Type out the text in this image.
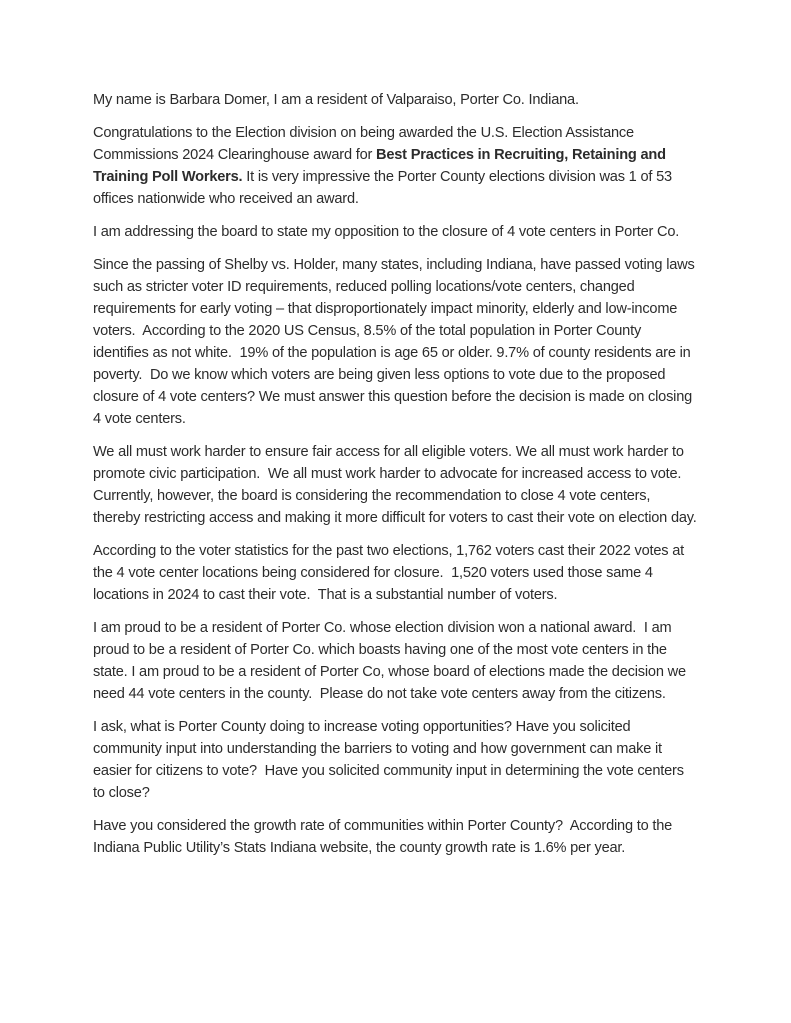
My name is Barbara Domer, I am a resident of Valparaiso, Porter Co. Indiana.

Congratulations to the Election division on being awarded the U.S. Election Assistance Commissions 2024 Clearinghouse award for Best Practices in Recruiting, Retaining and Training Poll Workers. It is very impressive the Porter County elections division was 1 of 53 offices nationwide who received an award.

I am addressing the board to state my opposition to the closure of 4 vote centers in Porter Co.

Since the passing of Shelby vs. Holder, many states, including Indiana, have passed voting laws such as stricter voter ID requirements, reduced polling locations/vote centers, changed requirements for early voting – that disproportionately impact minority, elderly and low-income voters.  According to the 2020 US Census, 8.5% of the total population in Porter County identifies as not white.  19% of the population is age 65 or older. 9.7% of county residents are in poverty.  Do we know which voters are being given less options to vote due to the proposed closure of 4 vote centers? We must answer this question before the decision is made on closing 4 vote centers.

We all must work harder to ensure fair access for all eligible voters. We all must work harder to promote civic participation.  We all must work harder to advocate for increased access to vote.  Currently, however, the board is considering the recommendation to close 4 vote centers, thereby restricting access and making it more difficult for voters to cast their vote on election day.

According to the voter statistics for the past two elections, 1,762 voters cast their 2022 votes at the 4 vote center locations being considered for closure.  1,520 voters used those same 4 locations in 2024 to cast their vote.  That is a substantial number of voters.

I am proud to be a resident of Porter Co. whose election division won a national award.  I am proud to be a resident of Porter Co. which boasts having one of the most vote centers in the state. I am proud to be a resident of Porter Co, whose board of elections made the decision we need 44 vote centers in the county.  Please do not take vote centers away from the citizens.

I ask, what is Porter County doing to increase voting opportunities? Have you solicited community input into understanding the barriers to voting and how government can make it easier for citizens to vote?  Have you solicited community input in determining the vote centers to close?

Have you considered the growth rate of communities within Porter County?  According to the Indiana Public Utility’s Stats Indiana website, the county growth rate is 1.6% per year.
